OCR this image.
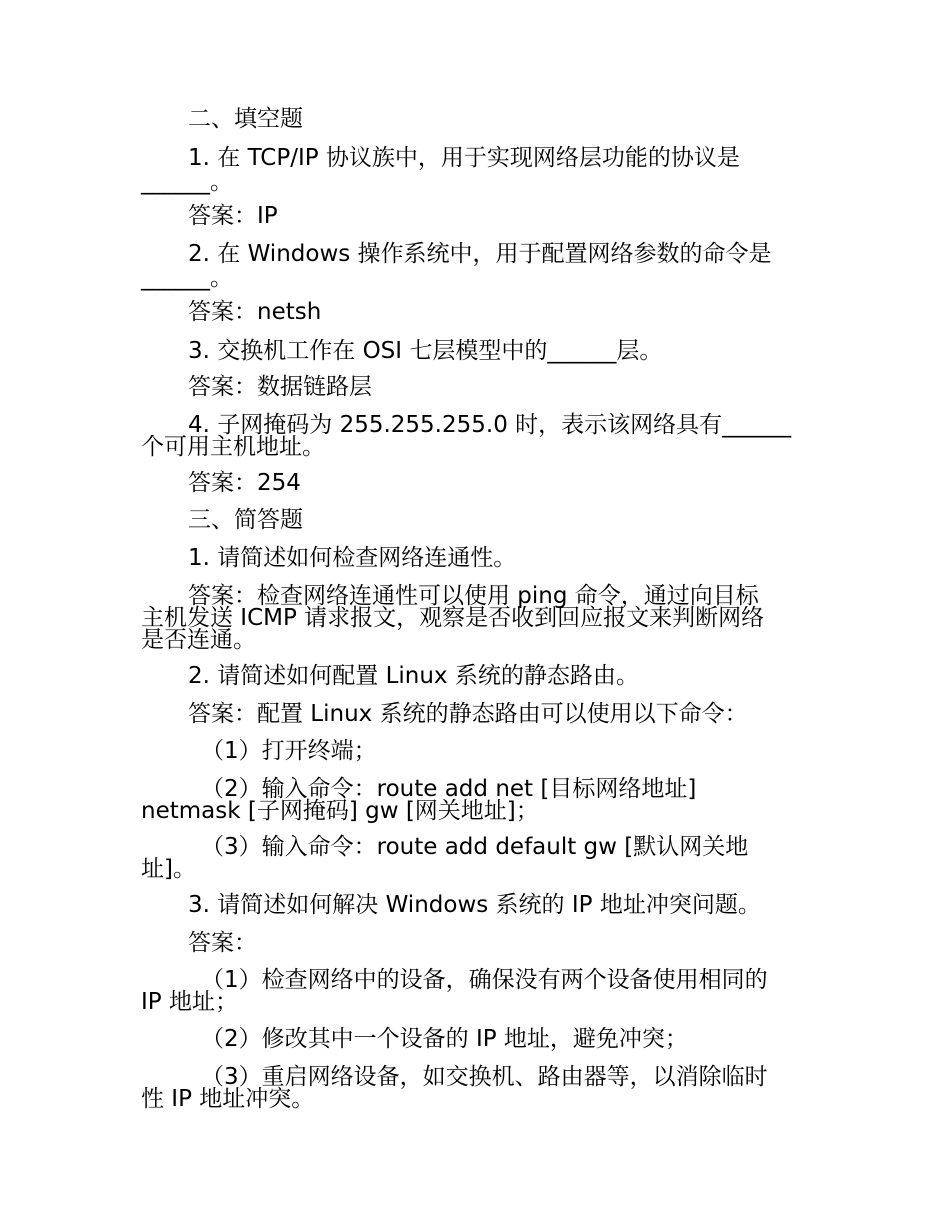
二、填空题
1. 在 TCP/IP 协议族中，用于实现网络层功能的协议是
______。
答案：IP
2. 在 Windows 操作系统中，用于配置网络参数的命令是
______。
答案：netsh
3. 交换机工作在 OSI 七层模型中的______层。
答案：数据链路层
4. 子网掩码为 255.255.255.0 时，表示该网络具有______
个可用主机地址。
答案：254
三、简答题
1. 请简述如何检查网络连通性。
答案：检查网络连通性可以使用 ping 命令，通过向目标
主机发送 ICMP 请求报文，观察是否收到回应报文来判断网络
是否连通。
2. 请简述如何配置 Linux 系统的静态路由。
答案：配置 Linux 系统的静态路由可以使用以下命令：
（1）打开终端；
（2）输入命令：route add net [目标网络地址]
netmask [子网掩码] gw [网关地址]；
（3）输入命令：route add default gw [默认网关地
址]。
3. 请简述如何解决 Windows 系统的 IP 地址冲突问题。
答案：
（1）检查网络中的设备，确保没有两个设备使用相同的
IP 地址；
（2）修改其中一个设备的 IP 地址，避免冲突；
（3）重启网络设备，如交换机、路由器等，以消除临时
性 IP 地址冲突。
